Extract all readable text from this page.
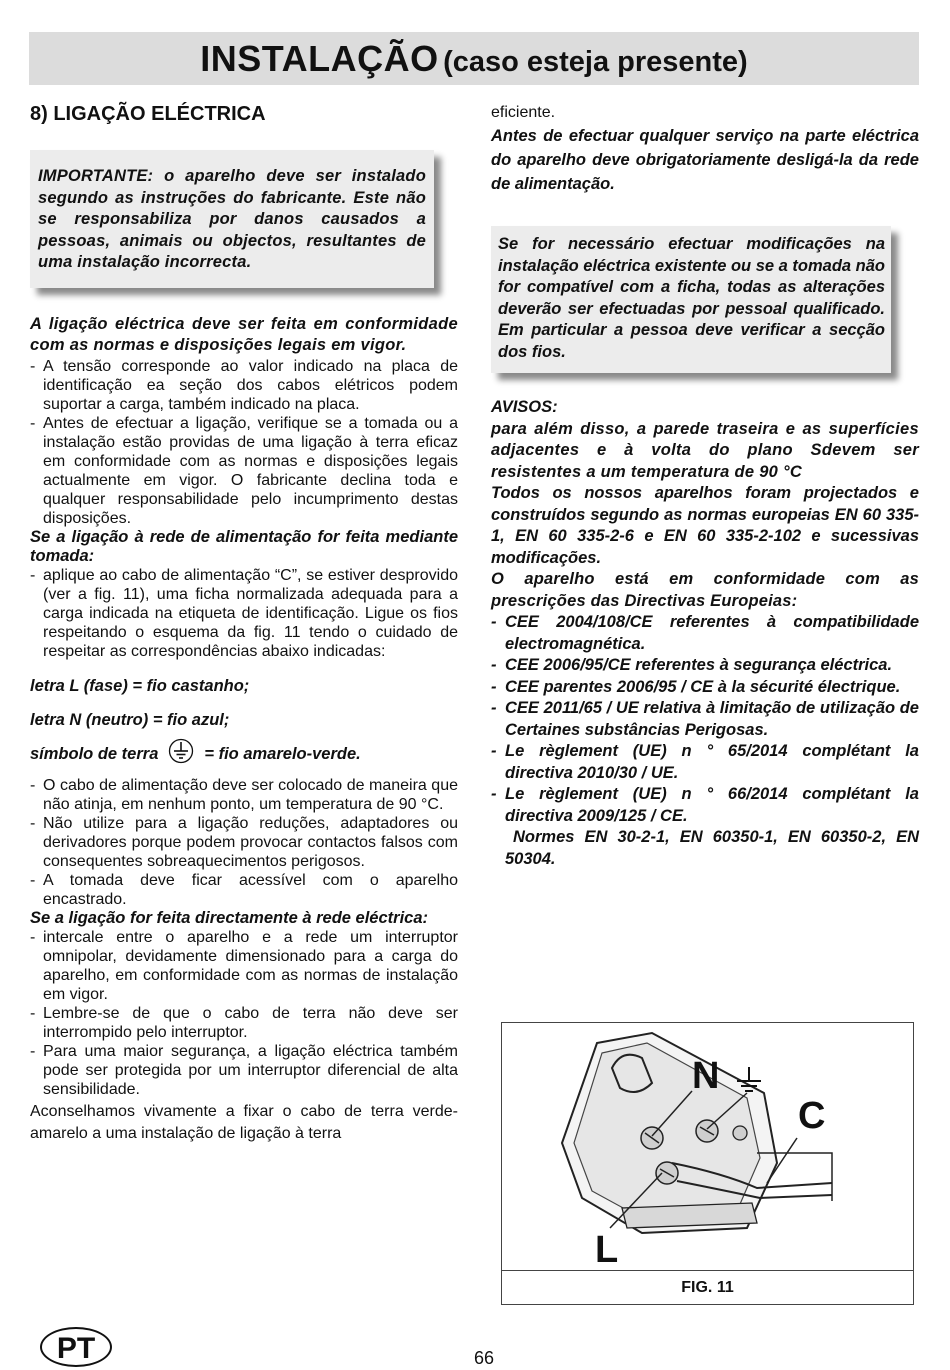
INSTALAÇÃO (caso esteja presente)
8) LIGAÇÃO ELÉCTRICA
IMPORTANTE: o aparelho deve ser instalado segundo as instruções do fabricante. Este não se responsabiliza por danos causados a pessoas, animais ou objectos, resultantes de uma instalação incorrecta.

A ligação eléctrica deve ser feita em conformidade com as normas e disposições legais em vigor.

- A tensão corresponde ao valor indicado na placa de identificação ea seção dos cabos elétricos podem suportar a carga, também indicado na placa.
- Antes de efectuar a ligação, verifique se a tomada ou a instalação estão providas de uma ligação à terra eficaz em conformidade com as normas e disposições legais actualmente em vigor. O fabricante declina toda e qualquer responsabilidade pelo incumprimento destas disposições.

Se a ligação à rede de alimentação for feita mediante tomada:

- aplique ao cabo de alimentação “C”, se estiver desprovido (ver a fig. 11), uma ficha normalizada adequada para a carga indicada na etiqueta de identificação. Ligue os fios respeitando o esquema da fig. 11 tendo o cuidado de respeitar as correspondências abaixo indicadas:

letra L (fase) = fio castanho;

letra N (neutro) = fio azul;

símbolo de terra	= fio amarelo-verde.

- O cabo de alimentação deve ser colocado de maneira que não atinja, em nenhum ponto, um temperatura de 90 °C.
- Não utilize para a ligação reduções, adaptadores ou derivadores porque podem provocar contactos falsos com consequentes sobreaquecimentos perigosos.
- A tomada deve ficar acessível com o aparelho encastrado.

Se a ligação for feita directamente à rede eléctrica:

- intercale entre o aparelho e a rede um interruptor omnipolar, devidamente dimensionado para a carga do aparelho, em conformidade com as normas de instalação em vigor.
- Lembre-se de que o cabo de terra não deve ser interrompido pelo interruptor.
- Para uma maior segurança, a ligação eléctrica também pode ser protegida por um interruptor diferencial de alta sensibilidade.

Aconselhamos vivamente a fixar o cabo de terra verde-amarelo a uma instalação de ligação à terra

eficiente.

Antes de efectuar qualquer serviço na parte eléctrica do aparelho deve obrigatoriamente desligá-la da rede de alimentação.

Se for necessário efectuar modificações na instalação eléctrica existente ou se a tomada não for compatível com a ficha, todas as alterações deverão ser efectuadas por pessoal qualificado. Em particular a pessoa deve verificar a secção dos fios.

AVISOS:

para além disso, a parede traseira e as superfícies adjacentes e à volta do plano Sdevem ser resistentes a um temperatura de 90 °C

Todos os nossos aparelhos foram projectados e construídos segundo as normas europeias EN 60 335-1, EN 60 335-2-6 e EN 60 335-2-102 e sucessivas modificações.

O aparelho está em conformidade com as prescrições das Directivas Europeias:

- CEE 2004/108/CE referentes à compatibilidade electromagnética.
- CEE 2006/95/CE referentes à segurança eléctrica.
- CEE parentes 2006/95 / CE à la sécurité électrique.
- CEE 2011/65 / UE relativa à limitação de utilização de Certaines substâncias Perigosas.
- Le règlement (UE) n ° 65/2014 complétant la directiva 2010/30 / UE.
- Le règlement (UE) n ° 66/2014 complétant la directiva 2009/125 / CE.

Normes EN 30-2-1, EN 60350-1, EN 60350-2, EN 50304.

N
C
L
FIG. 11
PT	66
